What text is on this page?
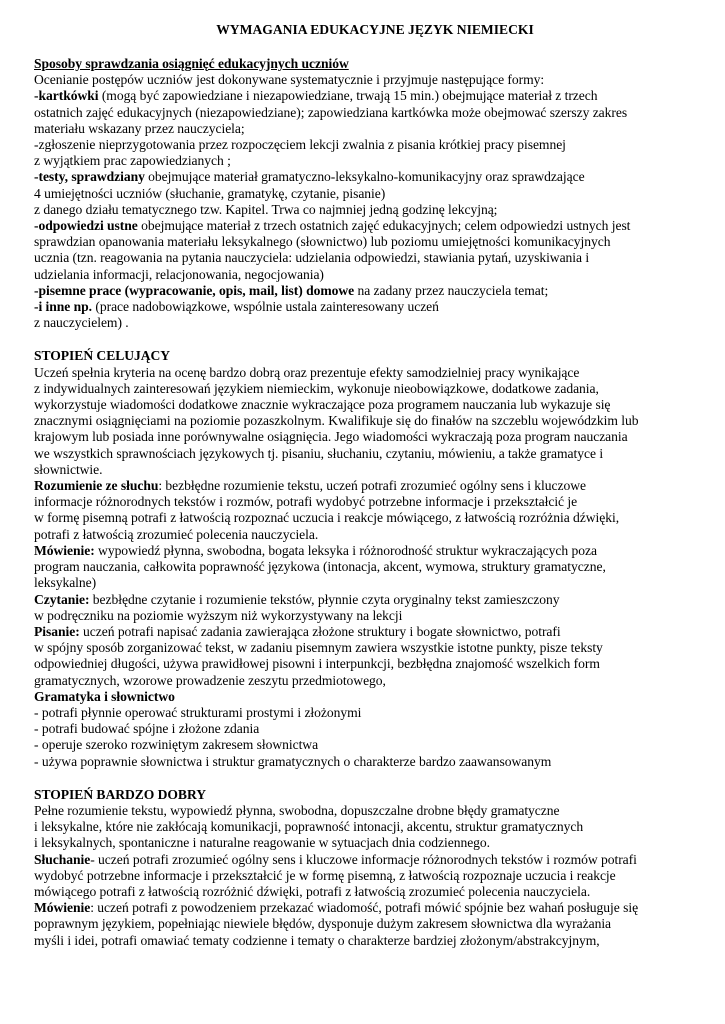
WYMAGANIA EDUKACYJNE JĘZYK NIEMIECKI
Sposoby sprawdzania osiągnięć edukacyjnych uczniów
Ocenianie postępów uczniów jest dokonywane systematycznie i przyjmuje następujące formy:
-kartkówki (mogą być zapowiedziane i niezapowiedziane, trwają 15 min.) obejmujące materiał z trzech
ostatnich zajęć edukacyjnych (niezapowiedziane); zapowiedziana kartkówka może obejmować szerszy zakres
materiału wskazany przez nauczyciela;
-zgłoszenie nieprzygotowania przez rozpoczęciem lekcji zwalnia z pisania krótkiej pracy pisemnej
z wyjątkiem prac zapowiedzianych ;
-testy, sprawdziany obejmujące materiał gramatyczno-leksykalno-komunikacyjny oraz sprawdzające
4 umiejętności uczniów (słuchanie, gramatykę, czytanie, pisanie)
z danego działu tematycznego tzw. Kapitel. Trwa co najmniej jedną godzinę lekcyjną;
-odpowiedzi ustne obejmujące materiał z trzech ostatnich zajęć edukacyjnych; celem odpowiedzi ustnych jest
sprawdzian opanowania materiału leksykalnego (słownictwo) lub poziomu umiejętności komunikacyjnych
ucznia (tzn. reagowania na pytania nauczyciela: udzielania odpowiedzi, stawiania pytań, uzyskiwania i
udzielania informacji, relacjonowania, negocjowania)
-pisemne prace (wypracowanie, opis, mail, list) domowe na zadany przez nauczyciela temat;
-i inne np. (prace nadobowiązkowe, wspólnie ustala zainteresowany uczeń
z nauczycielem) .
STOPIEŃ CELUJĄCY
Uczeń spełnia kryteria na ocenę bardzo dobrą oraz prezentuje efekty samodzielniej pracy wynikające
z indywidualnych zainteresowań językiem niemieckim, wykonuje nieobowiązkowe, dodatkowe zadania,
wykorzystuje wiadomości dodatkowe znacznie wykraczające poza programem nauczania lub wykazuje się
znacznymi osiągnięciami na poziomie pozaszkolnym. Kwalifikuje się do finałów na szczeblu wojewódzkim lub
krajowym lub posiada inne porównywalne osiągnięcia. Jego wiadomości wykraczają poza program nauczania
we wszystkich sprawnościach językowych tj. pisaniu, słuchaniu, czytaniu, mówieniu, a także gramatyce i
słownictwie.
Rozumienie ze słuchu: bezbłędne rozumienie tekstu, uczeń potrafi zrozumieć ogólny sens i kluczowe
informacje różnorodnych tekstów i rozmów, potrafi wydobyć potrzebne informacje i przekształcić je
w formę pisemną potrafi z łatwością rozpoznać uczucia i reakcje mówiącego, z łatwością rozróżnia dźwięki,
potrafi z łatwością zrozumieć polecenia nauczyciela.
Mówienie: wypowiedź płynna, swobodna, bogata leksyka i różnorodność struktur wykraczających poza
program nauczania, całkowita poprawność językowa (intonacja, akcent, wymowa, struktury gramatyczne,
leksykalne)
Czytanie: bezbłędne czytanie i rozumienie tekstów, płynnie czyta oryginalny tekst zamieszczony
w podręczniku na poziomie wyższym niż wykorzystywany na lekcji
Pisanie: uczeń potrafi napisać zadania zawierająca złożone struktury i bogate słownictwo, potrafi
w spójny sposób zorganizować tekst, w zadaniu pisemnym zawiera wszystkie istotne punkty, pisze teksty
odpowiedniej długości, używa prawidłowej pisowni i interpunkcji, bezbłędna znajomość wszelkich form
gramatycznych, wzorowe prowadzenie zeszytu przedmiotowego,
Gramatyka i słownictwo
- potrafi płynnie operować strukturami prostymi i złożonymi
- potrafi budować spójne i złożone zdania
- operuje szeroko rozwiniętym zakresem słownictwa
- używa poprawnie słownictwa i struktur gramatycznych o charakterze bardzo zaawansowanym
STOPIEŃ BARDZO DOBRY
Pełne rozumienie tekstu, wypowiedź płynna, swobodna, dopuszczalne drobne błędy gramatyczne
i leksykalne, które nie zakłócają komunikacji, poprawność intonacji, akcentu, struktur gramatycznych
i leksykalnych, spontaniczne i naturalne reagowanie w sytuacjach dnia codziennego.
Słuchanie- uczeń potrafi zrozumieć ogólny sens i kluczowe informacje różnorodnych tekstów i rozmów potrafi
wydobyć potrzebne informacje i przekształcić je w formę pisemną, z łatwością rozpoznaje uczucia i reakcje
mówiącego potrafi z łatwością rozróżnić dźwięki, potrafi z łatwością zrozumieć polecenia nauczyciela.
Mówienie: uczeń potrafi z powodzeniem przekazać wiadomość, potrafi mówić spójnie bez wahań posługuje się
poprawnym językiem, popełniając niewiele błędów, dysponuje dużym zakresem słownictwa dla wyrażania
myśli i idei, potrafi omawiać tematy codzienne i tematy o charakterze bardziej złożonym/abstrakcyjnym,
